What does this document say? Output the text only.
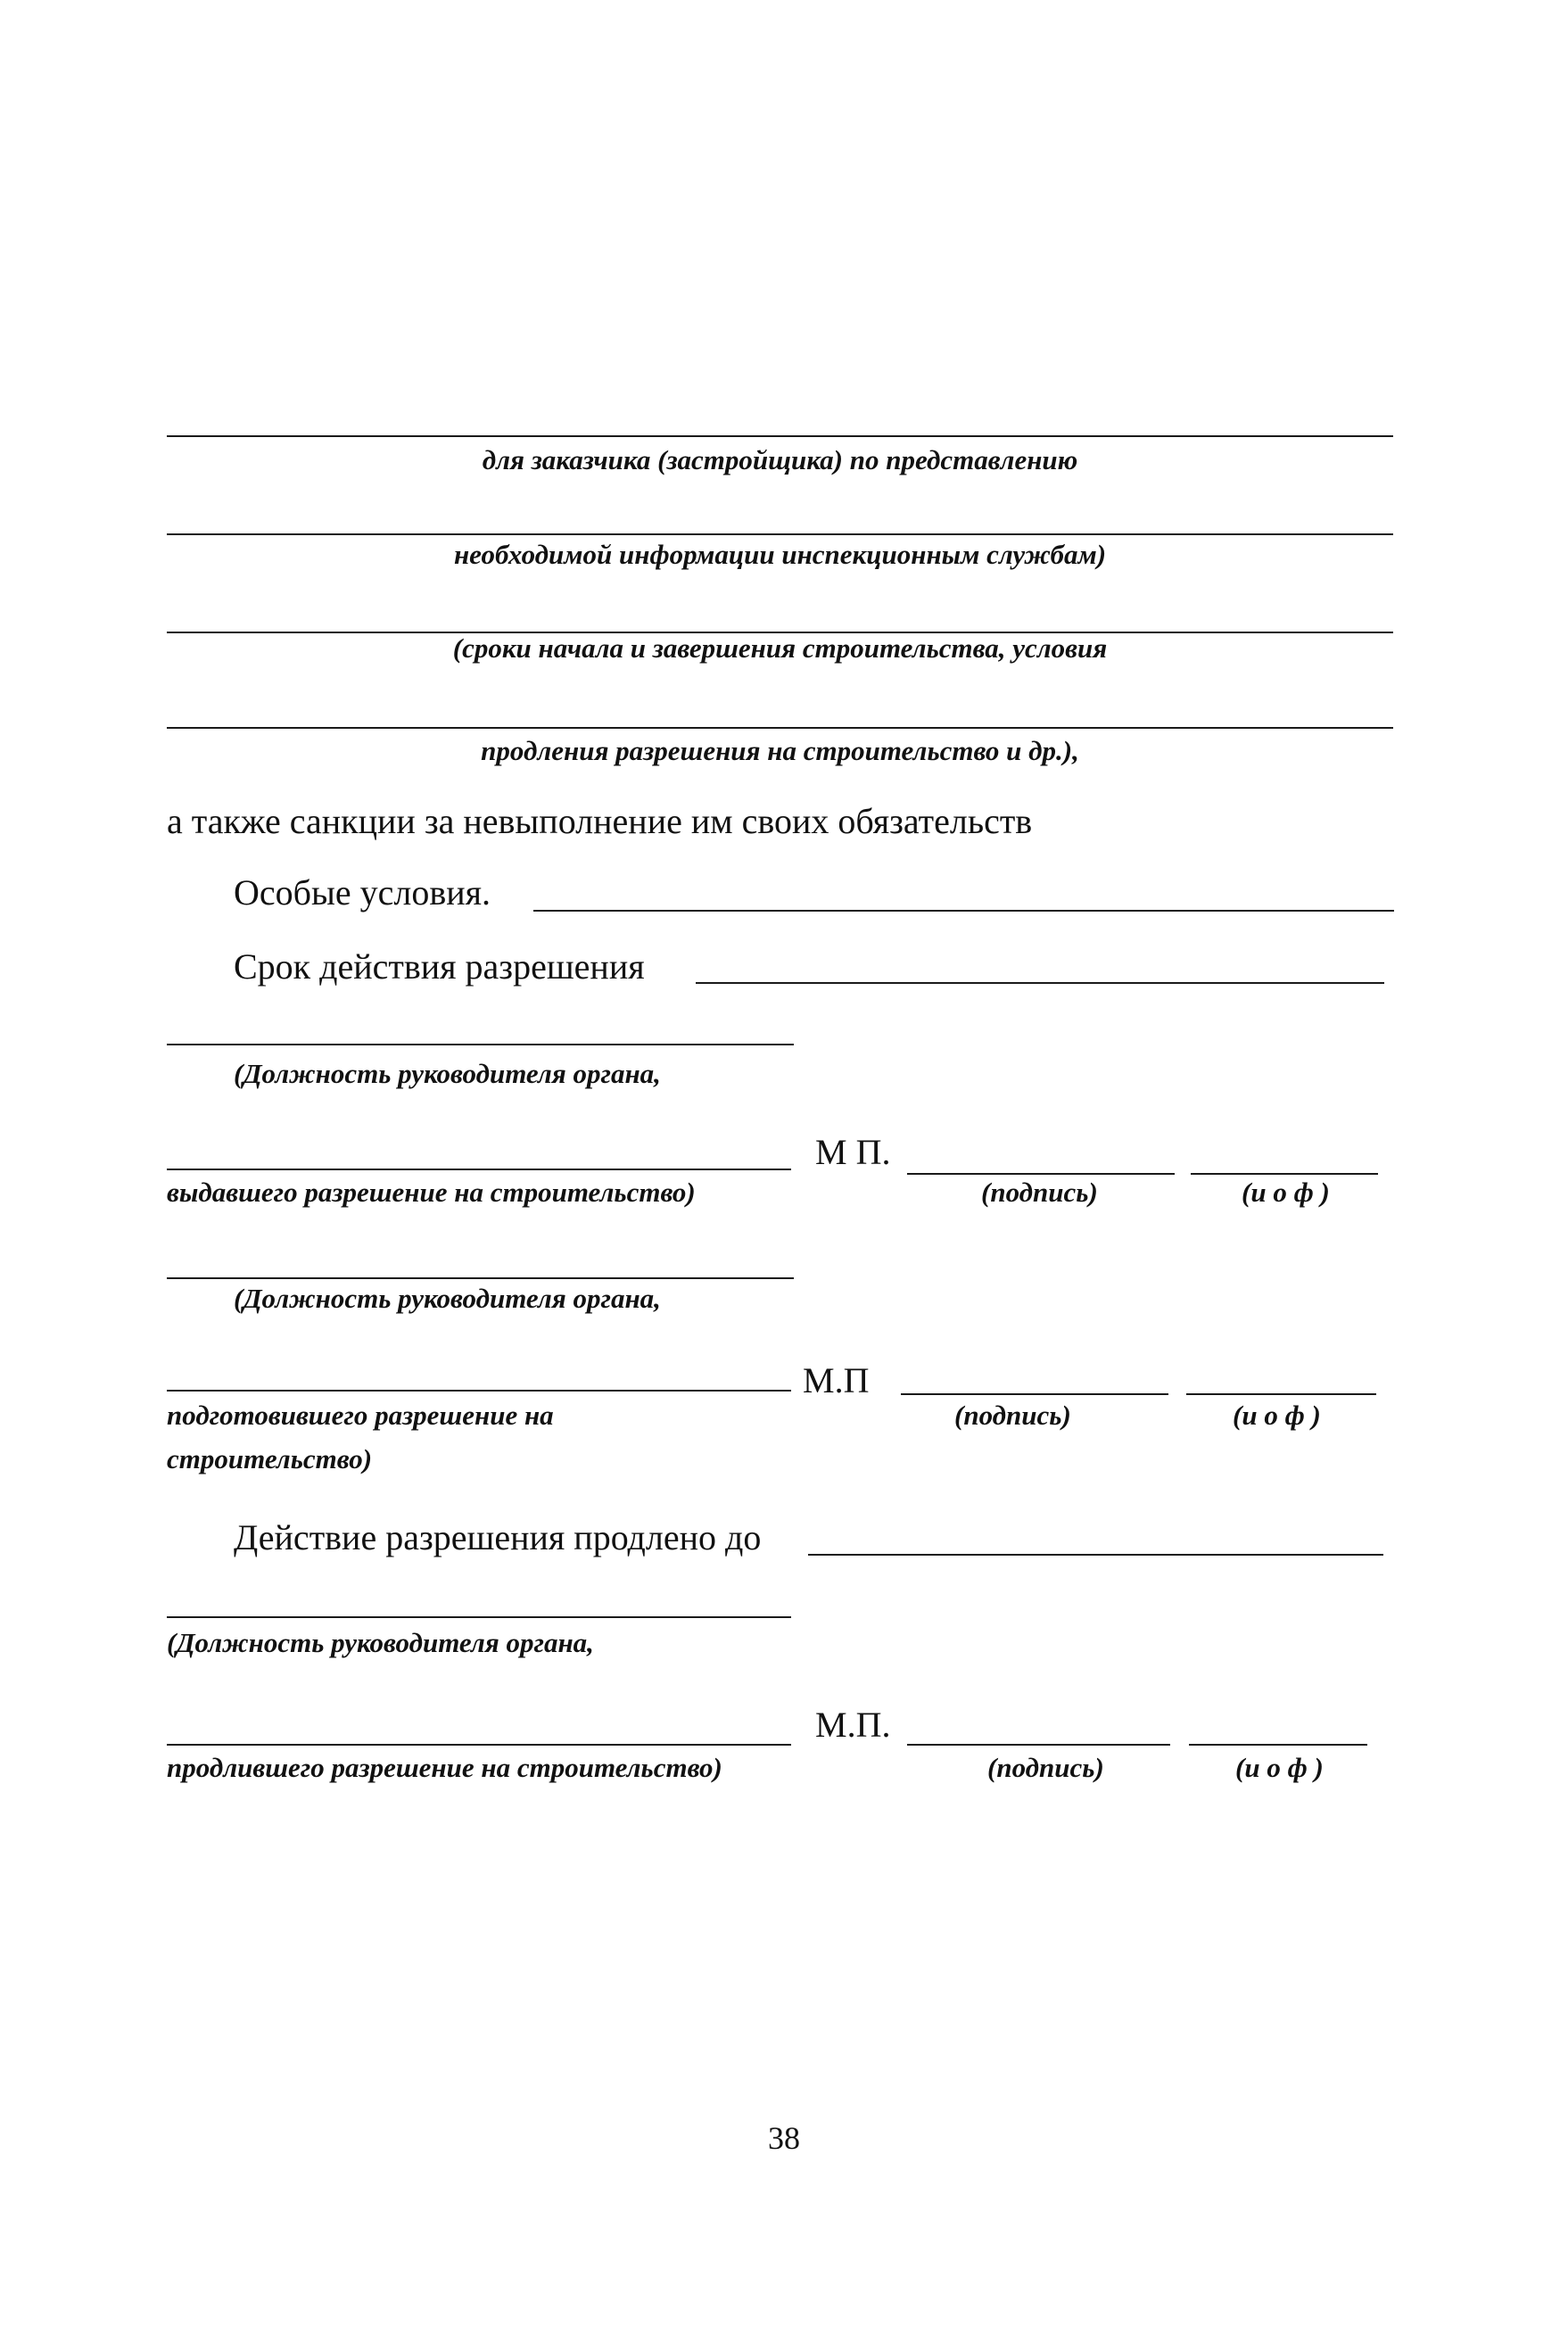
для заказчика (застройщика) по представлению
необходимой информации инспекционным службам)
(сроки начала и завершения строительства, условия
продления разрешения на строительство и др.),
а также санкции за невыполнение им своих обязательств
Особые условия.
Срок действия разрешения
(Должность руководителя органа,
М П.
выдавшего разрешение на строительство)	(подпись)	(и о ф )
(Должность руководителя органа,
М.П
подготовившего разрешение на
строительство)
(подпись)	(и о ф )
Действие разрешения продлено до
(Должность руководителя органа,
М.П.
продлившего разрешение на строительство)	(подпись)	(и о ф )
38
